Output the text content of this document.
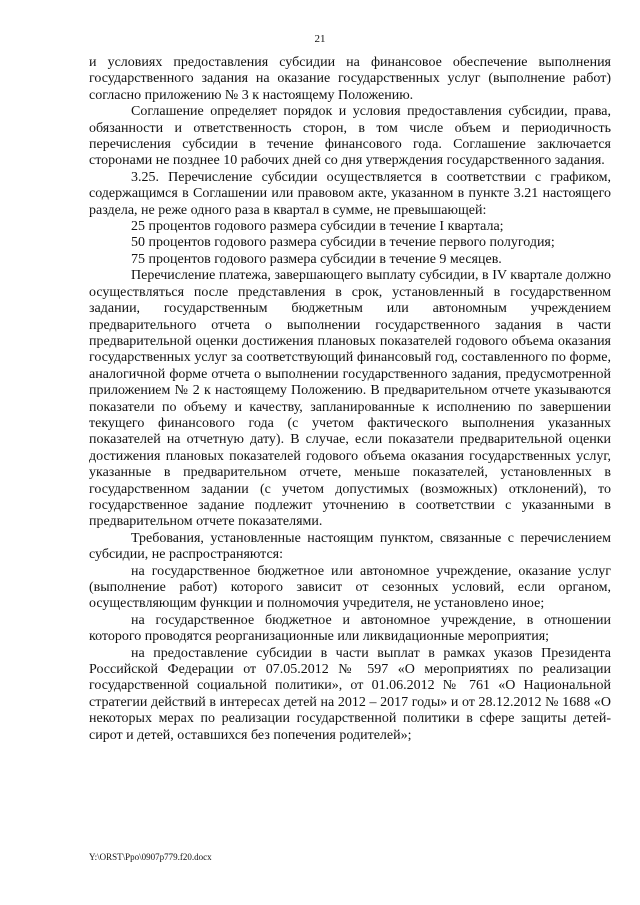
21

и условиях предоставления субсидии на финансовое обеспечение выполнения государственного задания на оказание государственных услуг (выполнение работ) согласно приложению № 3 к настоящему Положению.

Соглашение определяет порядок и условия предоставления субсидии, права, обязанности и ответственность сторон, в том числе объем и периодичность перечисления субсидии в течение финансового года. Соглашение заключается сторонами не позднее 10 рабочих дней со дня утверждения государственного задания.

3.25. Перечисление субсидии осуществляется в соответствии с графиком, содержащимся в Соглашении или правовом акте, указанном в пункте 3.21 настоящего раздела, не реже одного раза в квартал в сумме, не превышающей:

25 процентов годового размера субсидии в течение I квартала;

50 процентов годового размера субсидии в течение первого полугодия;

75 процентов годового размера субсидии в течение 9 месяцев.

Перечисление платежа, завершающего выплату субсидии, в IV квартале должно осуществляться после представления в срок, установленный в государственном задании, государственным бюджетным или автономным учреждением предварительного отчета о выполнении государственного задания в части предварительной оценки достижения плановых показателей годового объема оказания государственных услуг за соответствующий финансовый год, составленного по форме, аналогичной форме отчета о выполнении государственного задания, предусмотренной приложением № 2 к настоящему Положению. В предварительном отчете указываются показатели по объему и качеству, запланированные к исполнению по завершении текущего финансового года (с учетом фактического выполнения указанных показателей на отчетную дату). В случае, если показатели предварительной оценки достижения плановых показателей годового объема оказания государственных услуг, указанные в предварительном отчете, меньше показателей, установленных в государственном задании (с учетом допустимых (возможных) отклонений), то государственное задание подлежит уточнению в соответствии с указанными в предварительном отчете показателями.

Требования, установленные настоящим пунктом, связанные с перечислением субсидии, не распространяются:

на государственное бюджетное или автономное учреждение, оказание услуг (выполнение работ) которого зависит от сезонных условий, если органом, осуществляющим функции и полномочия учредителя, не установлено иное;

на государственное бюджетное и автономное учреждение, в отношении которого проводятся реорганизационные или ликвидационные мероприятия;

на предоставление субсидии в части выплат в рамках указов Президента Российской Федерации от 07.05.2012 № 597 «О мероприятиях по реализации государственной социальной политики», от 01.06.2012 № 761 «О Национальной стратегии действий в интересах детей на 2012 – 2017 годы» и от 28.12.2012 № 1688 «О некоторых мерах по реализации государственной политики в сфере защиты детей-сирот и детей, оставшихся без попечения родителей»;

Y:\ORST\Ppo\0907p779.f20.docx
